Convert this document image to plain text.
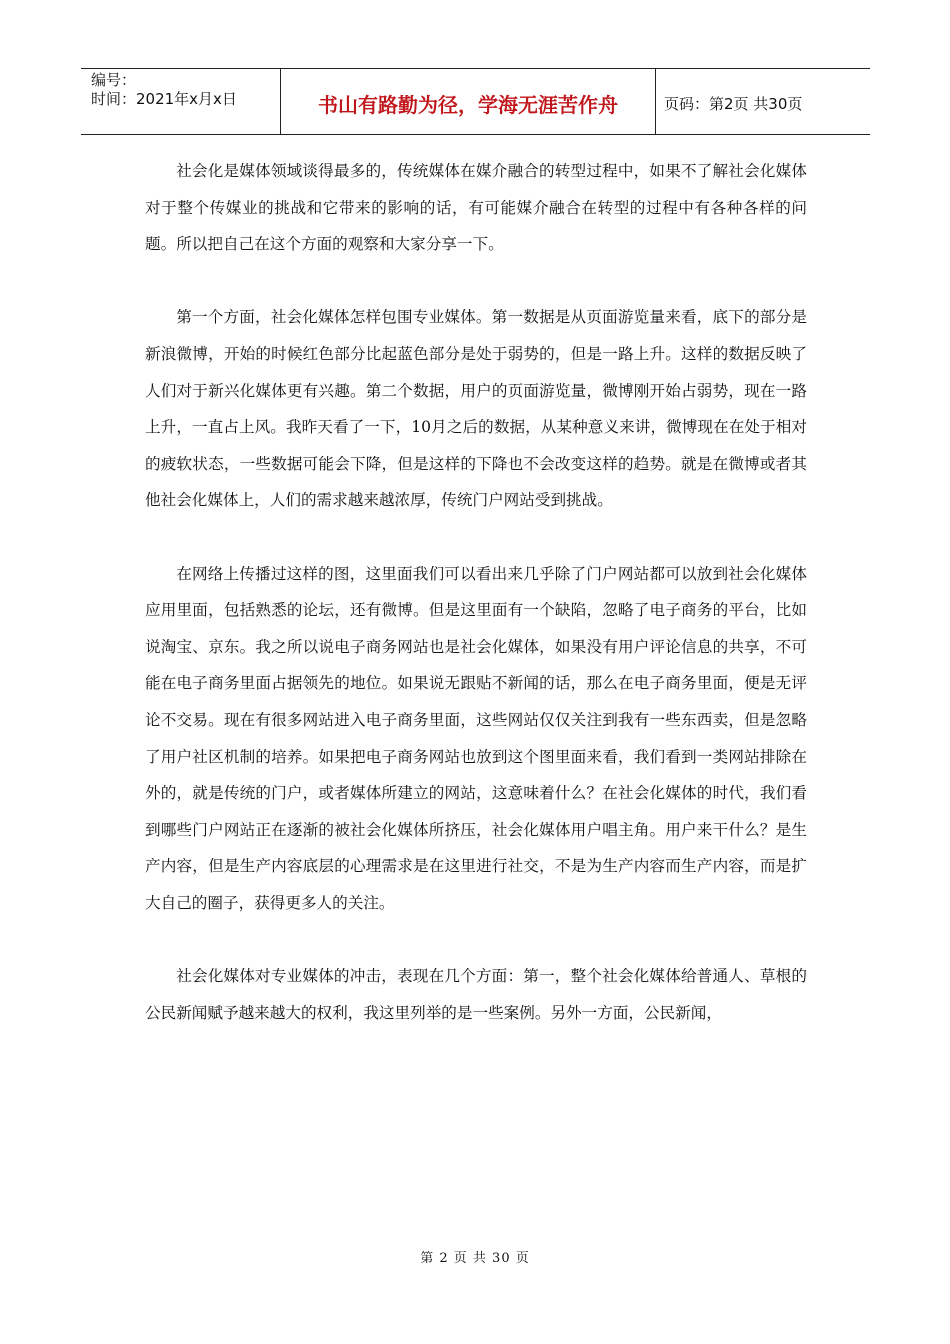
编号：
时间：2021年x月x日	书山有路勤为径，学海无涯苦作舟	页码：第2页 共30页

社会化是媒体领域谈得最多的，传统媒体在媒介融合的转型过程中，如果不了解社会化媒体对于整个传媒业的挑战和它带来的影响的话，有可能媒介融合在转型的过程中有各种各样的问题。所以把自己在这个方面的观察和大家分享一下。

第一个方面，社会化媒体怎样包围专业媒体。第一数据是从页面游览量来看，底下的部分是新浪微博，开始的时候红色部分比起蓝色部分是处于弱势的，但是一路上升。这样的数据反映了人们对于新兴化媒体更有兴趣。第二个数据，用户的页面游览量，微博刚开始占弱势，现在一路上升，一直占上风。我昨天看了一下，10月之后的数据，从某种意义来讲，微博现在在处于相对的疲软状态，一些数据可能会下降，但是这样的下降也不会改变这样的趋势。就是在微博或者其他社会化媒体上，人们的需求越来越浓厚，传统门户网站受到挑战。

在网络上传播过这样的图，这里面我们可以看出来几乎除了门户网站都可以放到社会化媒体应用里面，包括熟悉的论坛，还有微博。但是这里面有一个缺陷，忽略了电子商务的平台，比如说淘宝、京东。我之所以说电子商务网站也是社会化媒体，如果没有用户评论信息的共享，不可能在电子商务里面占据领先的地位。如果说无跟贴不新闻的话，那么在电子商务里面，便是无评论不交易。现在有很多网站进入电子商务里面，这些网站仅仅关注到我有一些东西卖，但是忽略了用户社区机制的培养。如果把电子商务网站也放到这个图里面来看，我们看到一类网站排除在外的，就是传统的门户，或者媒体所建立的网站，这意味着什么？在社会化媒体的时代，我们看到哪些门户网站正在逐渐的被社会化媒体所挤压，社会化媒体用户唱主角。用户来干什么？是生产内容，但是生产内容底层的心理需求是在这里进行社交，不是为生产内容而生产内容，而是扩大自己的圈子，获得更多人的关注。

社会化媒体对专业媒体的冲击，表现在几个方面：第一，整个社会化媒体给普通人、草根的公民新闻赋予越来越大的权利，我这里列举的是一些案例。另外一方面，公民新闻，

第 2 页 共 30 页
